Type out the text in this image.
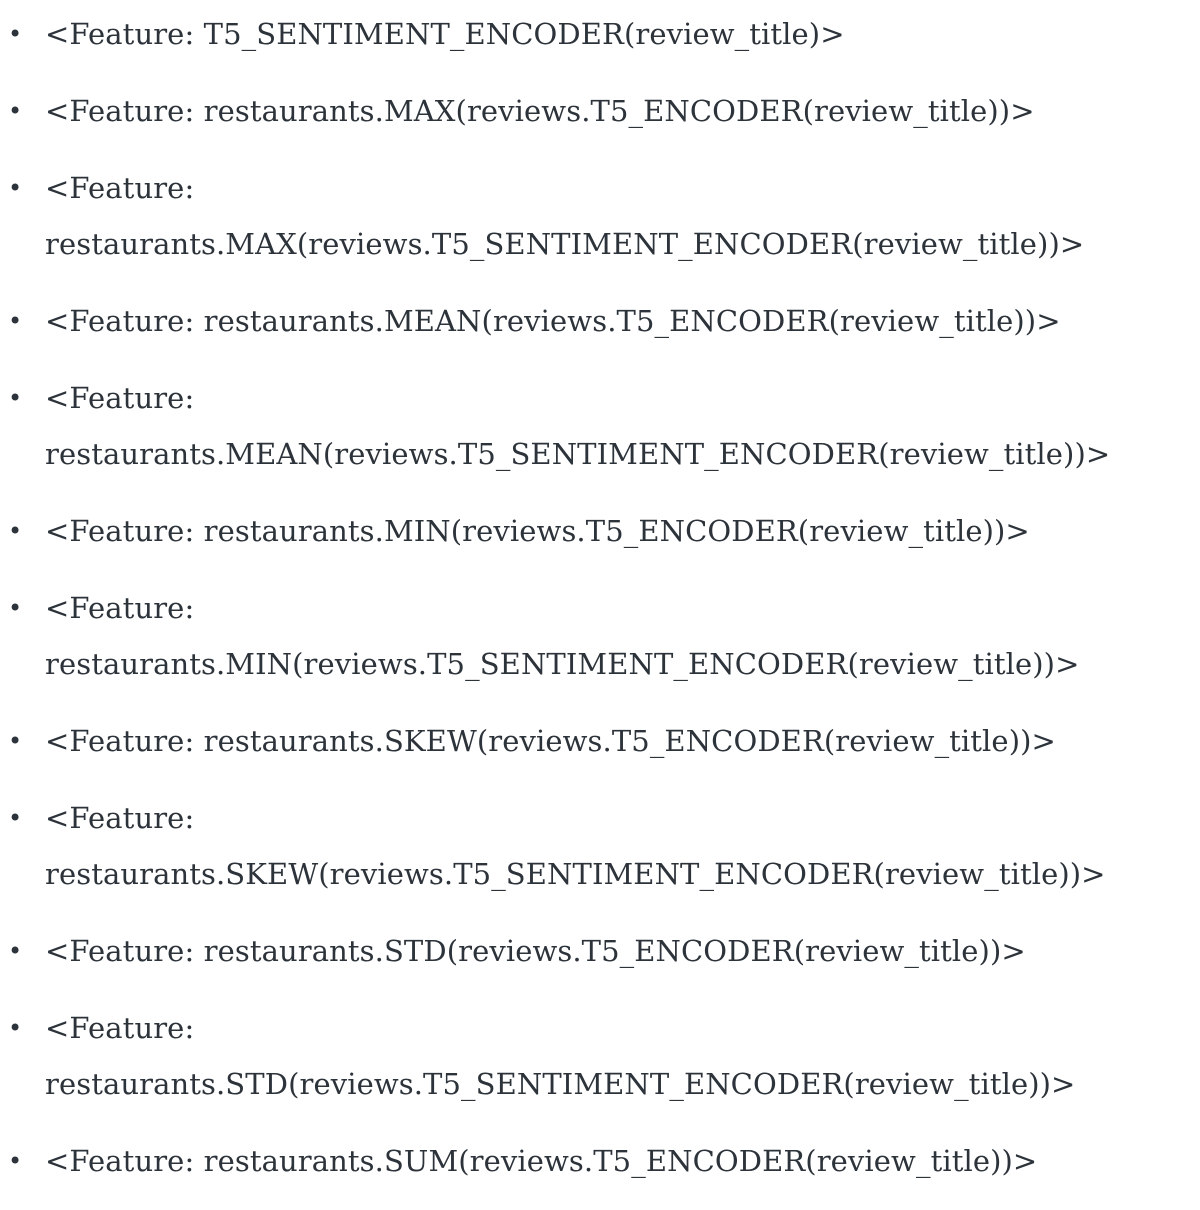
• <Feature: T5_SENTIMENT_ENCODER(review_title)>
• <Feature: restaurants.MAX(reviews.T5_ENCODER(review_title))>
• <Feature: restaurants.MAX(reviews.T5_SENTIMENT_ENCODER(review_title))>
• <Feature: restaurants.MEAN(reviews.T5_ENCODER(review_title))>
• <Feature: restaurants.MEAN(reviews.T5_SENTIMENT_ENCODER(review_title))>
• <Feature: restaurants.MIN(reviews.T5_ENCODER(review_title))>
• <Feature: restaurants.MIN(reviews.T5_SENTIMENT_ENCODER(review_title))>
• <Feature: restaurants.SKEW(reviews.T5_ENCODER(review_title))>
• <Feature: restaurants.SKEW(reviews.T5_SENTIMENT_ENCODER(review_title))>
• <Feature: restaurants.STD(reviews.T5_ENCODER(review_title))>
• <Feature: restaurants.STD(reviews.T5_SENTIMENT_ENCODER(review_title))>
• <Feature: restaurants.SUM(reviews.T5_ENCODER(review_title))>
